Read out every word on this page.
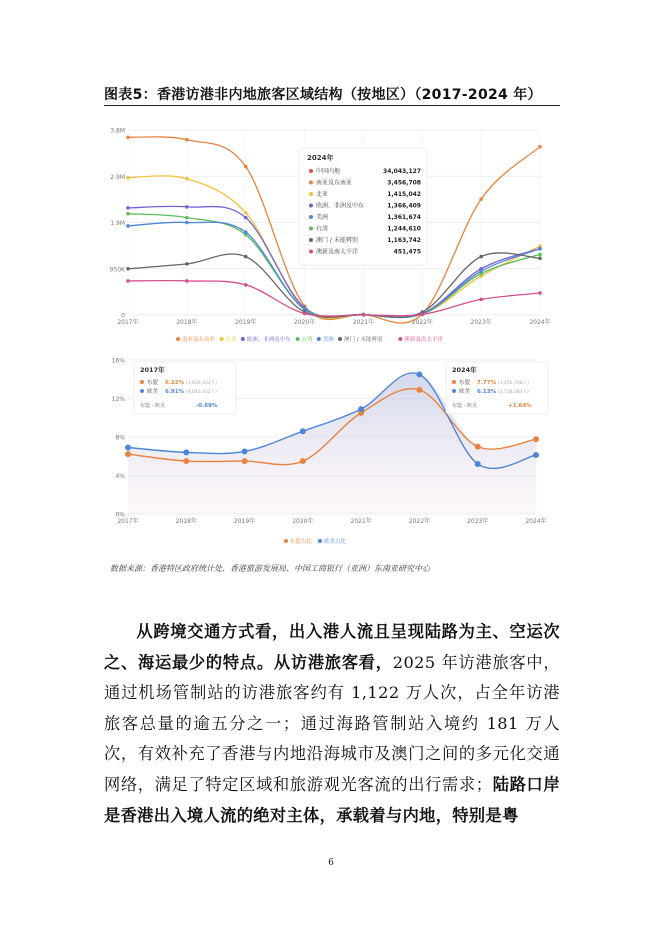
图表5：香港访港非内地旅客区域结构（按地区）（2017-2024 年）
0
950K
1.9M
2.9M
3.8M
2017年	2018年	2019年	2020年	2021年	2022年	2023年	2024年
2024年
中国内地	34,043,127
南亚及东南亚	3,456,708
北亚	1,415,042
欧洲、非洲及中东	1,366,409
美洲	1,361,674
台湾	1,244,610
澳门 / 未能辨别	1,163,742
澳新及南太平洋	451,475
南亚及东南亚 北亚 欧洲、非洲及中东 台湾 美洲 澳门 / 未能辨别	澳新及南太平洋
0%
4%
8%
12%
16%
2017年	2018年	2019年	2020年	2021年	2022年	2023年	2024年
2017年
东盟 6.22% (3,639,433人)
欧美 6.91% (4,040,432人)
东盟 - 欧美	-0.69%
2024年
东盟 7.77% (3,456,708人)
欧美 6.13% (2,728,083人)
东盟 - 欧美	+1.64%
东盟占比 欧美占比
数据来源：香港特区政府统计处、香港旅游发展局、中国工商银行（亚洲）东南亚研究中心
从跨境交通方式看，出入港人流且呈现陆路为主、空运次之、海运最少的特点。从访港旅客看，2025 年访港旅客中，通过机场管制站的访港旅客约有 1,122 万人次，占全年访港旅客总量的逾五分之一；通过海路管制站入境约 181 万人次，有效补充了香港与内地沿海城市及澳门之间的多元化交通网络，满足了特定区域和旅游观光客流的出行需求；陆路口岸是香港出入境人流的绝对主体，承载着与内地，特别是粤
6
